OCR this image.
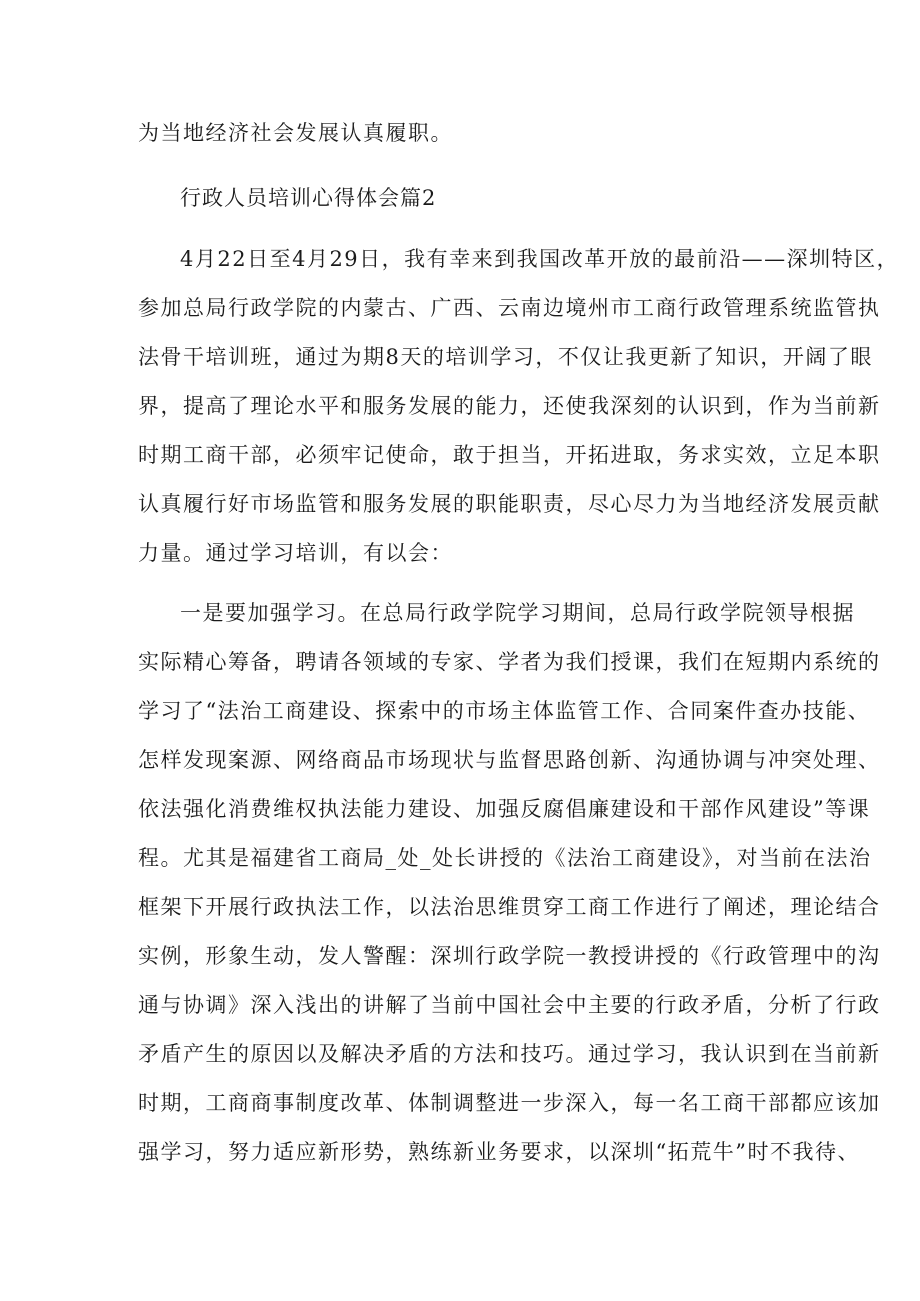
为当地经济社会发展认真履职。
行政人员培训心得体会篇2
4月22日至4月29日，我有幸来到我国改革开放的最前沿——深圳特区，
参加总局行政学院的内蒙古、广西、云南边境州市工商行政管理系统监管执
法骨干培训班，通过为期8天的培训学习，不仅让我更新了知识，开阔了眼
界，提高了理论水平和服务发展的能力，还使我深刻的认识到，作为当前新
时期工商干部，必须牢记使命，敢于担当，开拓进取，务求实效，立足本职
认真履行好市场监管和服务发展的职能职责，尽心尽力为当地经济发展贡献
力量。通过学习培训，有以会：
一是要加强学习。在总局行政学院学习期间，总局行政学院领导根据
实际精心筹备，聘请各领域的专家、学者为我们授课，我们在短期内系统的
学习了“法治工商建设、探索中的市场主体监管工作、合同案件查办技能、
怎样发现案源、网络商品市场现状与监督思路创新、沟通协调与冲突处理、
依法强化消费维权执法能力建设、加强反腐倡廉建设和干部作风建设”等课
程。尤其是福建省工商局_处_处长讲授的《法治工商建设》，对当前在法治
框架下开展行政执法工作，以法治思维贯穿工商工作进行了阐述，理论结合
实例，形象生动，发人警醒：深圳行政学院一教授讲授的《行政管理中的沟
通与协调》深入浅出的讲解了当前中国社会中主要的行政矛盾，分析了行政
矛盾产生的原因以及解决矛盾的方法和技巧。通过学习，我认识到在当前新
时期，工商商事制度改革、体制调整进一步深入，每一名工商干部都应该加
强学习，努力适应新形势，熟练新业务要求，以深圳“拓荒牛”时不我待、
